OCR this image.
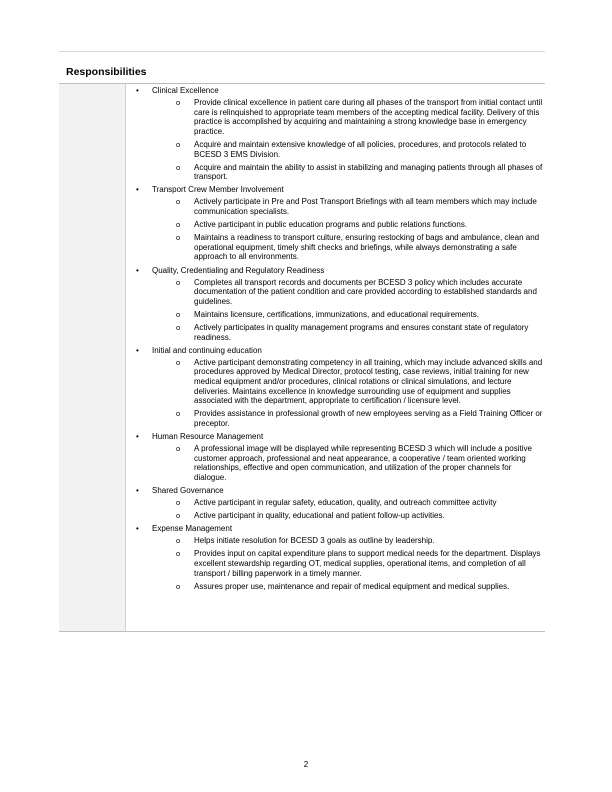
Responsibilities
• Clinical Excellence
o Provide clinical excellence in patient care during all phases of the transport from initial contact until care is relinquished to appropriate team members of the accepting medical facility. Delivery of this practice is accomplished by acquiring and maintaining a strong knowledge base in emergency practice.
o Acquire and maintain extensive knowledge of all policies, procedures, and protocols related to BCESD 3 EMS Division.
o Acquire and maintain the ability to assist in stabilizing and managing patients through all phases of transport.
• Transport Crew Member Involvement
o Actively participate in Pre and Post Transport Briefings with all team members which may include communication specialists.
o Active participant in public education programs and public relations functions.
o Maintains a readiness to transport culture, ensuring restocking of bags and ambulance, clean and operational equipment, timely shift checks and briefings, while always demonstrating a safe approach to all environments.
• Quality, Credentialing and Regulatory Readiness
o Completes all transport records and documents per BCESD 3 policy which includes accurate documentation of the patient condition and care provided according to established standards and guidelines.
o Maintains licensure, certifications, immunizations, and educational requirements.
o Actively participates in quality management programs and ensures constant state of regulatory readiness.
• Initial and continuing education
o Active participant demonstrating competency in all training, which may include advanced skills and procedures approved by Medical Director, protocol testing, case reviews, initial training for new medical equipment and/or procedures, clinical rotations or clinical simulations, and lecture deliveries. Maintains excellence in knowledge surrounding use of equipment and supplies associated with the department, appropriate to certification / licensure level.
o Provides assistance in professional growth of new employees serving as a Field Training Officer or preceptor.
• Human Resource Management
o A professional image will be displayed while representing BCESD 3 which will include a positive customer approach, professional and neat appearance, a cooperative / team oriented working relationships, effective and open communication, and utilization of the proper channels for dialogue.
• Shared Governance
o Active participant in regular safety, education, quality, and outreach committee activity
o Active participant in quality, educational and patient follow-up activities.
• Expense Management
o Helps initiate resolution for BCESD 3 goals as outline by leadership.
o Provides input on capital expenditure plans to support medical needs for the department. Displays excellent stewardship regarding OT, medical supplies, operational items, and completion of all transport / billing paperwork in a timely manner.
o Assures proper use, maintenance and repair of medical equipment and medical supplies.
2
